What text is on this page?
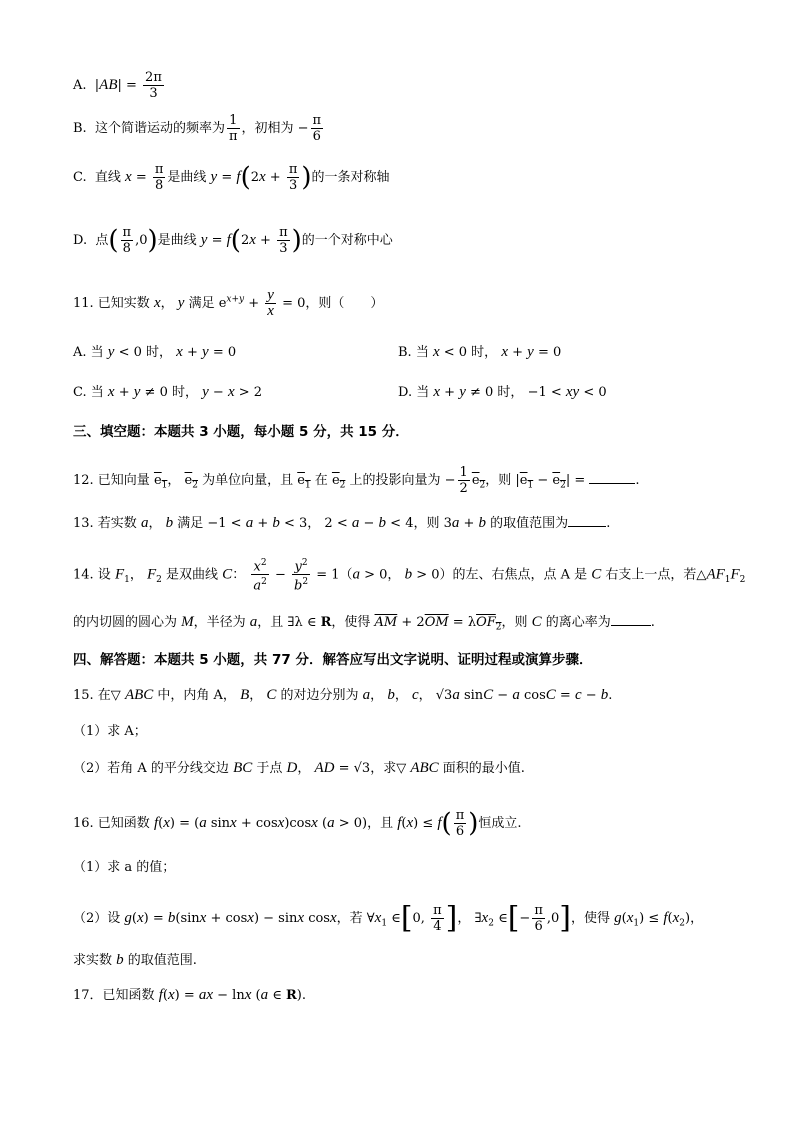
A.  $|AB| = \frac{2\pi}{3}$
B.  这个简谐运动的频率为 $\frac{1}{\pi}$ ，初相为 − $\frac{\pi}{6}$
C.  直线 $x = \frac{\pi}{8}$ 是曲线 $y = f(2x + \frac{\pi}{3}$ )的一条对称轴
D.  点( $\frac{\pi}{8} ,0$)是曲线 $y = f(2x + \frac{\pi}{3}$ )的一个对称中心
11. 已知实数 x， y 满足 $e^{x+y} + \frac{y}{x} = 0$，则（　　）
A. 当 y < 0 时， x + y = 0	B. 当 x < 0 时， x + y = 0
C. 当 x + y ≠ 0 时， y − x > 2	D. 当 x + y ≠ 0 时， −1 < xy < 0
三、填空题：本题共 3 小题，每小题 5 分，共 15 分．
12. 已知向量 $e_1$， $e_2$ 为单位向量，且 $e_1$ 在 $e_2$ 上的投影向量为 − $\frac{1}{2} e_2$，则 $|e_1 - e_2|$ =	.
13. 若实数 a， b 满足 −1 < a + b < 3， 2 < a − b < 4，则 3a + b 的取值范围为	.
14. 设 $F_1$， $F_2$ 是双曲线 C： $\frac{x^2}{a^2} - \frac{y^2}{b^2} = 1(a > 0$， b > 0）的左、右焦点，点 A 是 C 右支上一点，若$\triangle AF_1F_2$
的内切圆的圆心为 M，半径为 a，且 ∃λ ∈ R，使得 $\overline{AM} + 2\overline{OM} = \lambda OF_2$，则 C 的离心率为	.
四、解答题：本题共 5 小题，共 77 分．解答应写出文字说明、证明过程或演算步骤．
15. 在▽ ABC 中，内角 A， B， C 的对边分别为 a， b， c， √3a sinC − a cosC = c − b.
（1）求 A；
（2）若角 A 的平分线交边 BC 于点 D， AD = √3，求▽ ABC 面积的最小值.
16. 已知函数 f(x) = (a sinx + cosx)cosx (a > 0)，且 $f(x) \le f( \frac{\pi}{6}$ )恒成立.
（1）求 a 的值；
（2）设 g(x) = b(sinx + cosx) − sinx cosx，若 $\forall x_1$ ∈[0, $\frac{\pi}{4}$ ]， $\exists x_2$ ∈[− $\frac{\pi}{6} ,0$]，使得 $g(x_1) \le f(x_2)$，
求实数 b 的取值范围.
17．已知函数 f(x) = ax − lnx (a ∈ R).
